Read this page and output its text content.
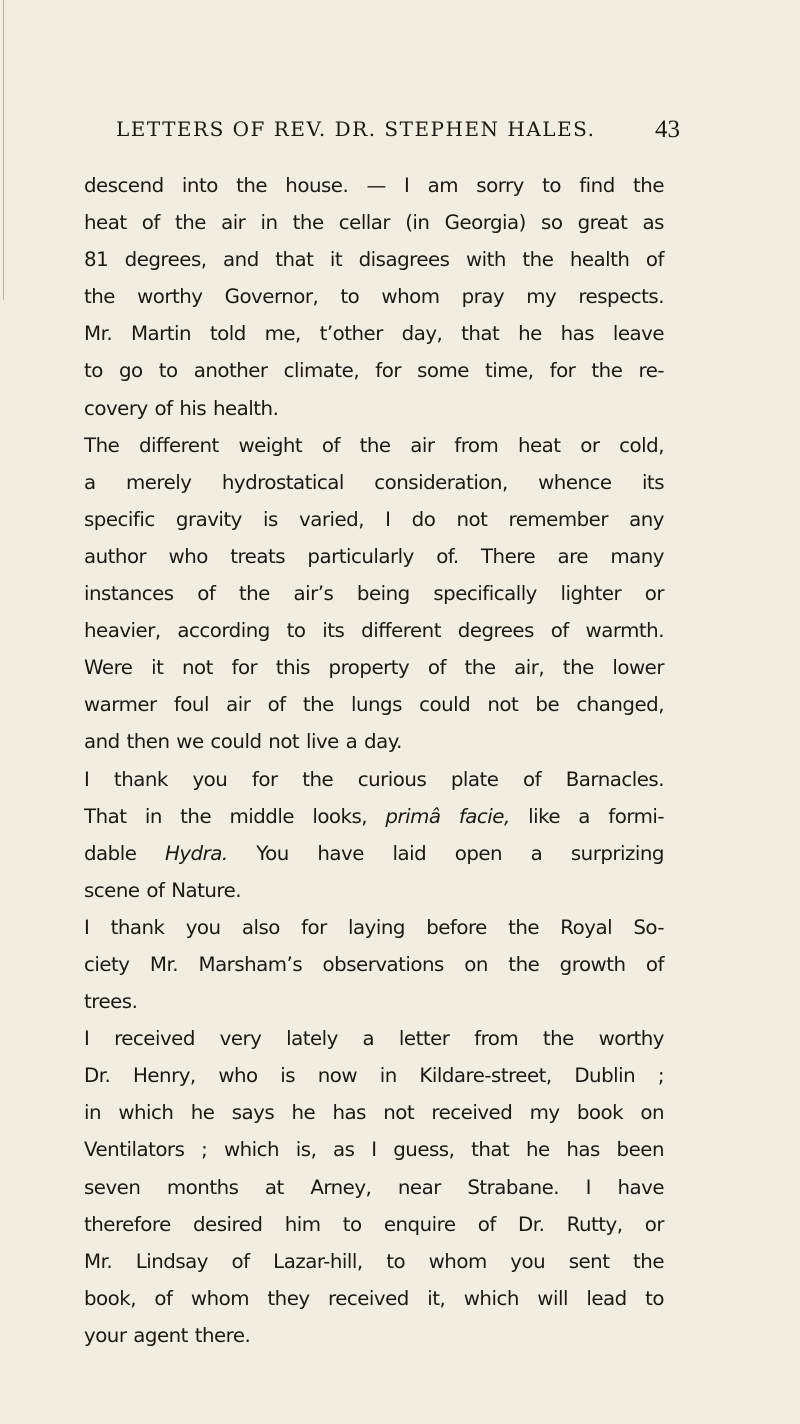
LETTERS OF REV. DR. STEPHEN HALES. 43
descend into the house. — I am sorry to find the
heat of the air in the cellar (in Georgia) so great as
81 degrees, and that it disagrees with the health of
the worthy Governor, to whom pray my respects.
Mr. Martin told me, t’other day, that he has leave
to go to another climate, for some time, for the re-
covery of his health.
The different weight of the air from heat or cold,
a merely hydrostatical consideration, whence its
specific gravity is varied, I do not remember any
author who treats particularly of. There are many
instances of the air’s being specifically lighter or
heavier, according to its different degrees of warmth.
Were it not for this property of the air, the lower
warmer foul air of the lungs could not be changed,
and then we could not live a day.
I thank you for the curious plate of Barnacles.
That in the middle looks, primâ facie, like a formi-
dable Hydra. You have laid open a surprizing
scene of Nature.
I thank you also for laying before the Royal So-
ciety Mr. Marsham’s observations on the growth of
trees.
I received very lately a letter from the worthy
Dr. Henry, who is now in Kildare-street, Dublin ;
in which he says he has not received my book on
Ventilators ; which is, as I guess, that he has been
seven months at Arney, near Strabane. I have
therefore desired him to enquire of Dr. Rutty, or
Mr. Lindsay of Lazar-hill, to whom you sent the
book, of whom they received it, which will lead to
your agent there.
